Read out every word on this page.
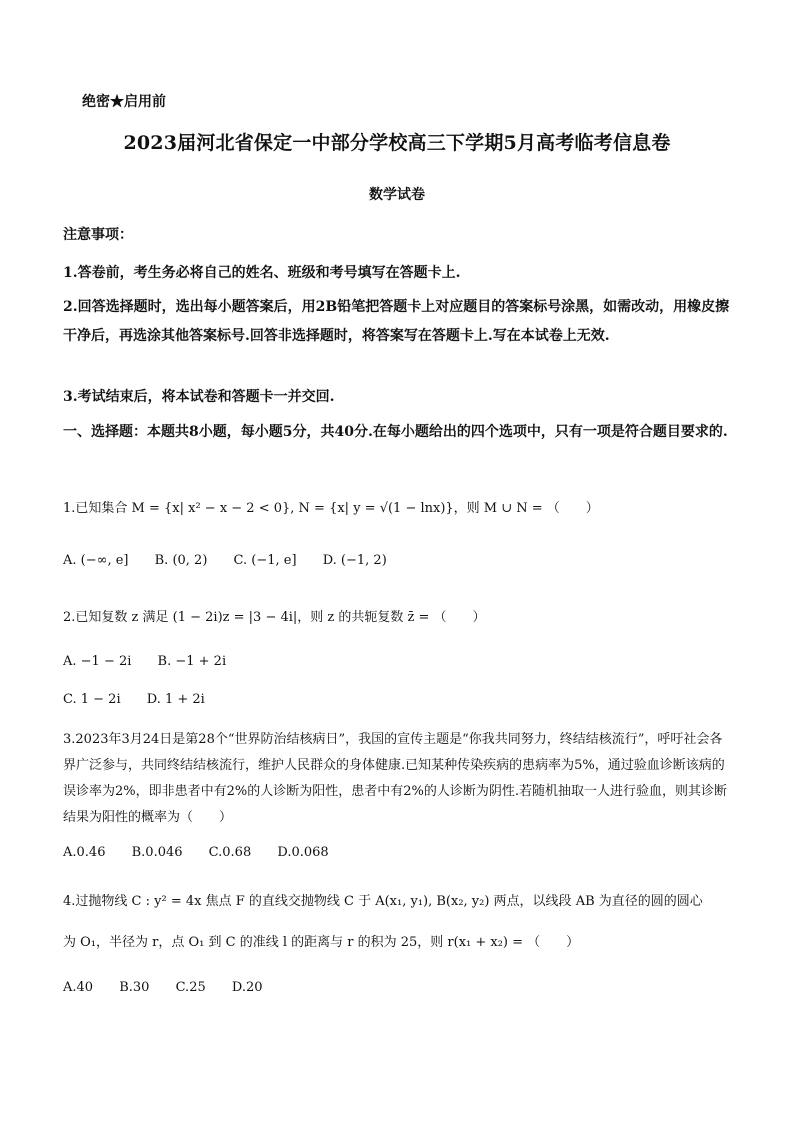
绝密★启用前
2023届河北省保定一中部分学校高三下学期5月高考临考信息卷
数学试卷
注意事项：
1.答卷前，考生务必将自己的姓名、班级和考号填写在答题卡上.
2.回答选择题时，选出每小题答案后，用2B铅笔把答题卡上对应题目的答案标号涂黑，如需改动，用橡皮擦干净后，再选涂其他答案标号.回答非选择题时，将答案写在答题卡上.写在本试卷上无效.
3.考试结束后，将本试卷和答题卡一并交回.
一、选择题：本题共8小题，每小题5分，共40分.在每小题给出的四个选项中，只有一项是符合题目要求的.
1.已知集合 M = {x| x² − x − 2 < 0}, N = {x| y = √(1 − lnx)}，则 M ∪ N = （　　）
A. (−∞, e] B. (0, 2) C. (−1, e] D. (−1, 2)
2.已知复数 z 满足 (1 − 2i)z = |3 − 4i|，则 z 的共轭复数 z̄ = （　　）
A. −1 − 2i B. −1 + 2i
C. 1 − 2i D. 1 + 2i
3.2023年3月24日是第28个“世界防治结核病日”，我国的宣传主题是“你我共同努力，终结结核流行”，呼吁社会各界广泛参与，共同终结结核流行，维护人民群众的身体健康.已知某种传染疾病的患病率为5%，通过验血诊断该病的误诊率为2%，即非患者中有2%的人诊断为阳性，患者中有2%的人诊断为阴性.若随机抽取一人进行验血，则其诊断结果为阳性的概率为（　　）
A.0.46 B.0.046 C.0.68 D.0.068
4.过抛物线 C : y² = 4x 焦点 F 的直线交抛物线 C 于 A(x₁, y₁), B(x₂, y₂) 两点，以线段 AB 为直径的圆的圆心
为 O₁，半径为 r，点 O₁ 到 C 的准线 l 的距离与 r 的积为 25，则 r(x₁ + x₂) = （　　）
A.40 B.30 C.25 D.20
